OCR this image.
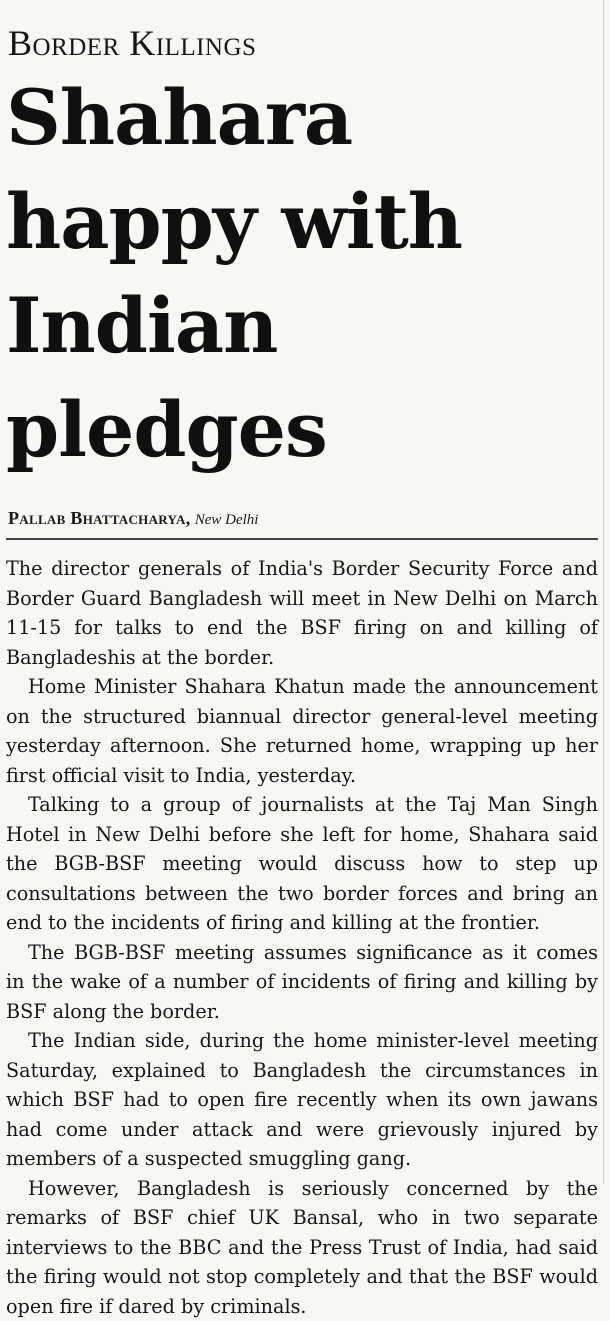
Border Killings
Shahara happy with Indian pledges
Pallab Bhattacharya, New Delhi

The director generals of India's Border Security Force and Border Guard Bangladesh will meet in New Delhi on March 11-15 for talks to end the BSF firing on and killing of Bangladeshis at the border.

Home Minister Shahara Khatun made the announcement on the structured biannual director general-level meeting yesterday afternoon. She returned home, wrapping up her first official visit to India, yesterday.

Talking to a group of journalists at the Taj Man Singh Hotel in New Delhi before she left for home, Shahara said the BGB-BSF meeting would discuss how to step up consultations between the two border forces and bring an end to the incidents of firing and killing at the frontier.

The BGB-BSF meeting assumes significance as it comes in the wake of a number of incidents of firing and killing by BSF along the border.

The Indian side, during the home minister-level meeting Saturday, explained to Bangladesh the circumstances in which BSF had to open fire recently when its own jawans had come under attack and were grievously injured by members of a suspected smuggling gang.

However, Bangladesh is seriously concerned by the remarks of BSF chief UK Bansal, who in two separate interviews to the BBC and the Press Trust of India, had said the firing would not stop completely and that the BSF would open fire if dared by criminals.
